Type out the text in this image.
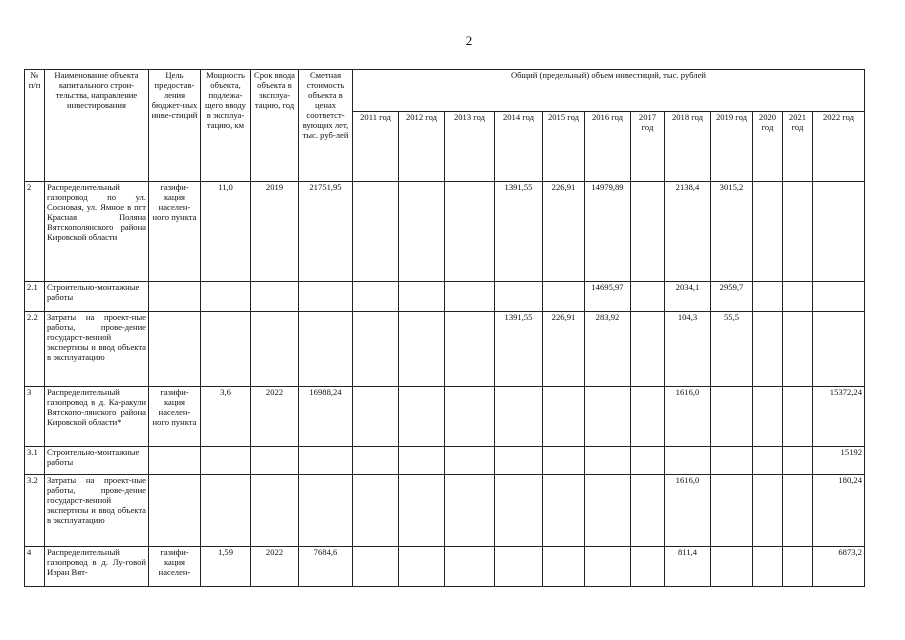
2
№ п/п	Наименование объекта капитального строи-тельства, направление инвестирования	Цель предостав-ления бюджет-ных инве-стиций	Мощность объекта, подлежа-щего вводу в эксплуа-тацию, км	Срок ввода объекта в эксплуа-тацию, год	Сметная стоимость объекта в ценах соответст-вующих лет, тыс. руб-лей	Общий (предельный) объем инвестиций, тыс. рублей											
						2011 год	2012 год	2013 год	2014 год	2015 год	2016 год	2017 год	2018 год	2019 год	2020 год	2021 год	2022 год
2	Распределительный газопровод по ул. Сосновая, ул. Ямное в пгт Красная Поляна Вятскополянского района Кировской области	газифи-кация населен-ного пункта	11,0	2019	21751,95				1391,55	226,91	14979,89		2138,4	3015,2			
2.1	Строительно-монтажные работы										14695,97		2034,1	2959,7			
2.2	Затраты на проект-ные работы, прове-дение государст-венной экспертизы и ввод объекта в эксплуатацию								1391,55	226,91	283,92		104,3	55,5			
3	Распределительный газопровод в д. Ка-ракули Вятскопо-лянского района Кировской области*	газифи-кация населен-ного пункта	3,6	2022	16988,24								1616,0				15372,24
3.1	Строительно-монтажные работы																15192
3.2	Затраты на проект-ные работы, прове-дение государст-венной экспертизы и ввод объекта в эксплуатацию												1616,0				180,24
4	Распределительный газопровод в д. Лу-говой Изран Вят-	газифи-кация населен-	1,59	2022	7684,6								811,4				6873,2
